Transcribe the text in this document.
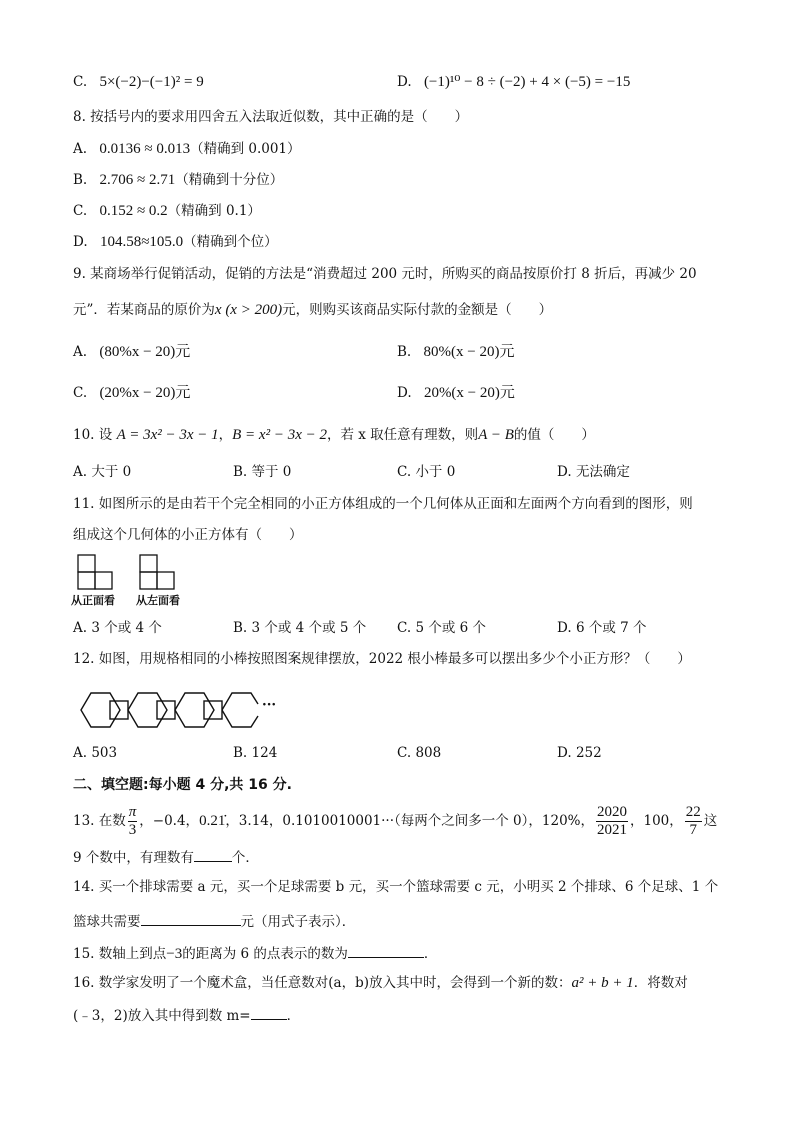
C. 5×(−2)−(−1)² = 9	D. (−1)¹⁰ − 8 ÷ (−2) + 4 × (−5) = −15
8. 按括号内的要求用四舍五入法取近似数，其中正确的是（　　）
A. 0.0136 ≈ 0.013（精确到 0.001）
B. 2.706 ≈ 2.71（精确到十分位）
C. 0.152 ≈ 0.2（精确到 0.1）
D. 104.58≈105.0（精确到个位）
9. 某商场举行促销活动，促销的方法是“消费超过 200 元时，所购买的商品按原价打 8 折后，再减少 20
元”．若某商品的原价为x (x > 200)元，则购买该商品实际付款的金额是（　　）
A. (80%x − 20)元	B. 80%(x − 20)元
C. (20%x − 20)元	D. 20%(x − 20)元
10. 设 A = 3x² − 3x − 1，B = x² − 3x − 2，若 x 取任意有理数，则A − B的值（　　）
A. 大于 0	B. 等于 0	C. 小于 0	D. 无法确定
11. 如图所示的是由若干个完全相同的小正方体组成的一个几何体从正面和左面两个方向看到的图形，则
组成这个几何体的小正方体有（　　）
从正面看 从左面看
A. 3 个或 4 个	B. 3 个或 4 个或 5 个 C. 5 个或 6 个	D. 6 个或 7 个
12. 如图，用规格相同的小棒按照图案规律摆放，2022 根小棒最多可以摆出多少个小正方形？（　　）
···
A. 503	B. 124	C. 808	D. 252
二、填空题:每小题 4 分,共 16 分.
13. 在数 $\frac{\pi}{3}$ ，−0.4，0.21̇̇，3.14，0.1010010001···（每两个之间多一个 0），120%， $\frac{2020}{2021}$ ，100， $\frac{22}{7}$ 这
9 个数中，有理数有	个．
14. 买一个排球需要 a 元，买一个足球需要 b 元，买一个篮球需要 c 元，小明买 2 个排球、6 个足球、1 个
篮球共需要	元（用式子表示）．
15. 数轴上到点−3的距离为 6 的点表示的数为	．
16. 数学家发明了一个魔术盒，当任意数对(a，b)放入其中时，会得到一个新的数：a² + b + 1．将数对
(﹣3，2)放入其中得到数 m=	．
